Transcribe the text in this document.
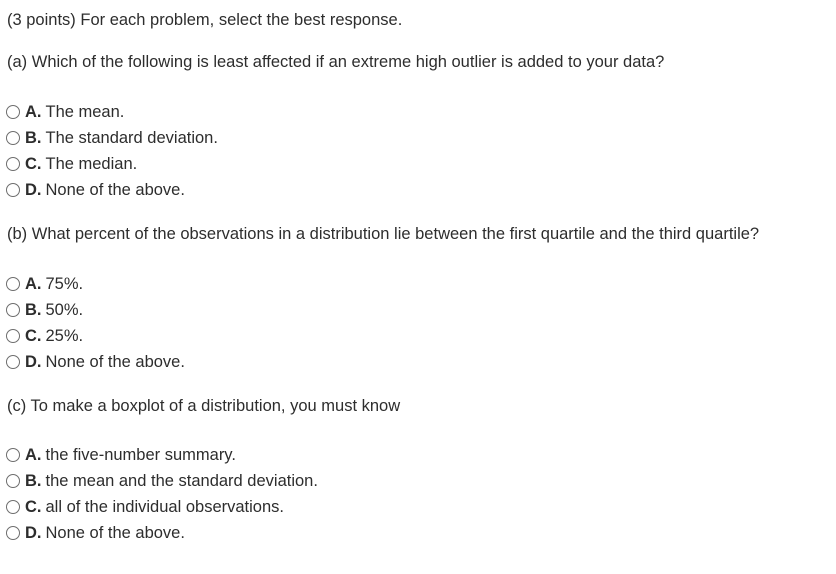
(3 points) For each problem, select the best response.
(a) Which of the following is least affected if an extreme high outlier is added to your data?
A. The mean.
B. The standard deviation.
C. The median.
D. None of the above.
(b) What percent of the observations in a distribution lie between the first quartile and the third quartile?
A. 75%.
B. 50%.
C. 25%.
D. None of the above.
(c) To make a boxplot of a distribution, you must know
A. the five-number summary.
B. the mean and the standard deviation.
C. all of the individual observations.
D. None of the above.
